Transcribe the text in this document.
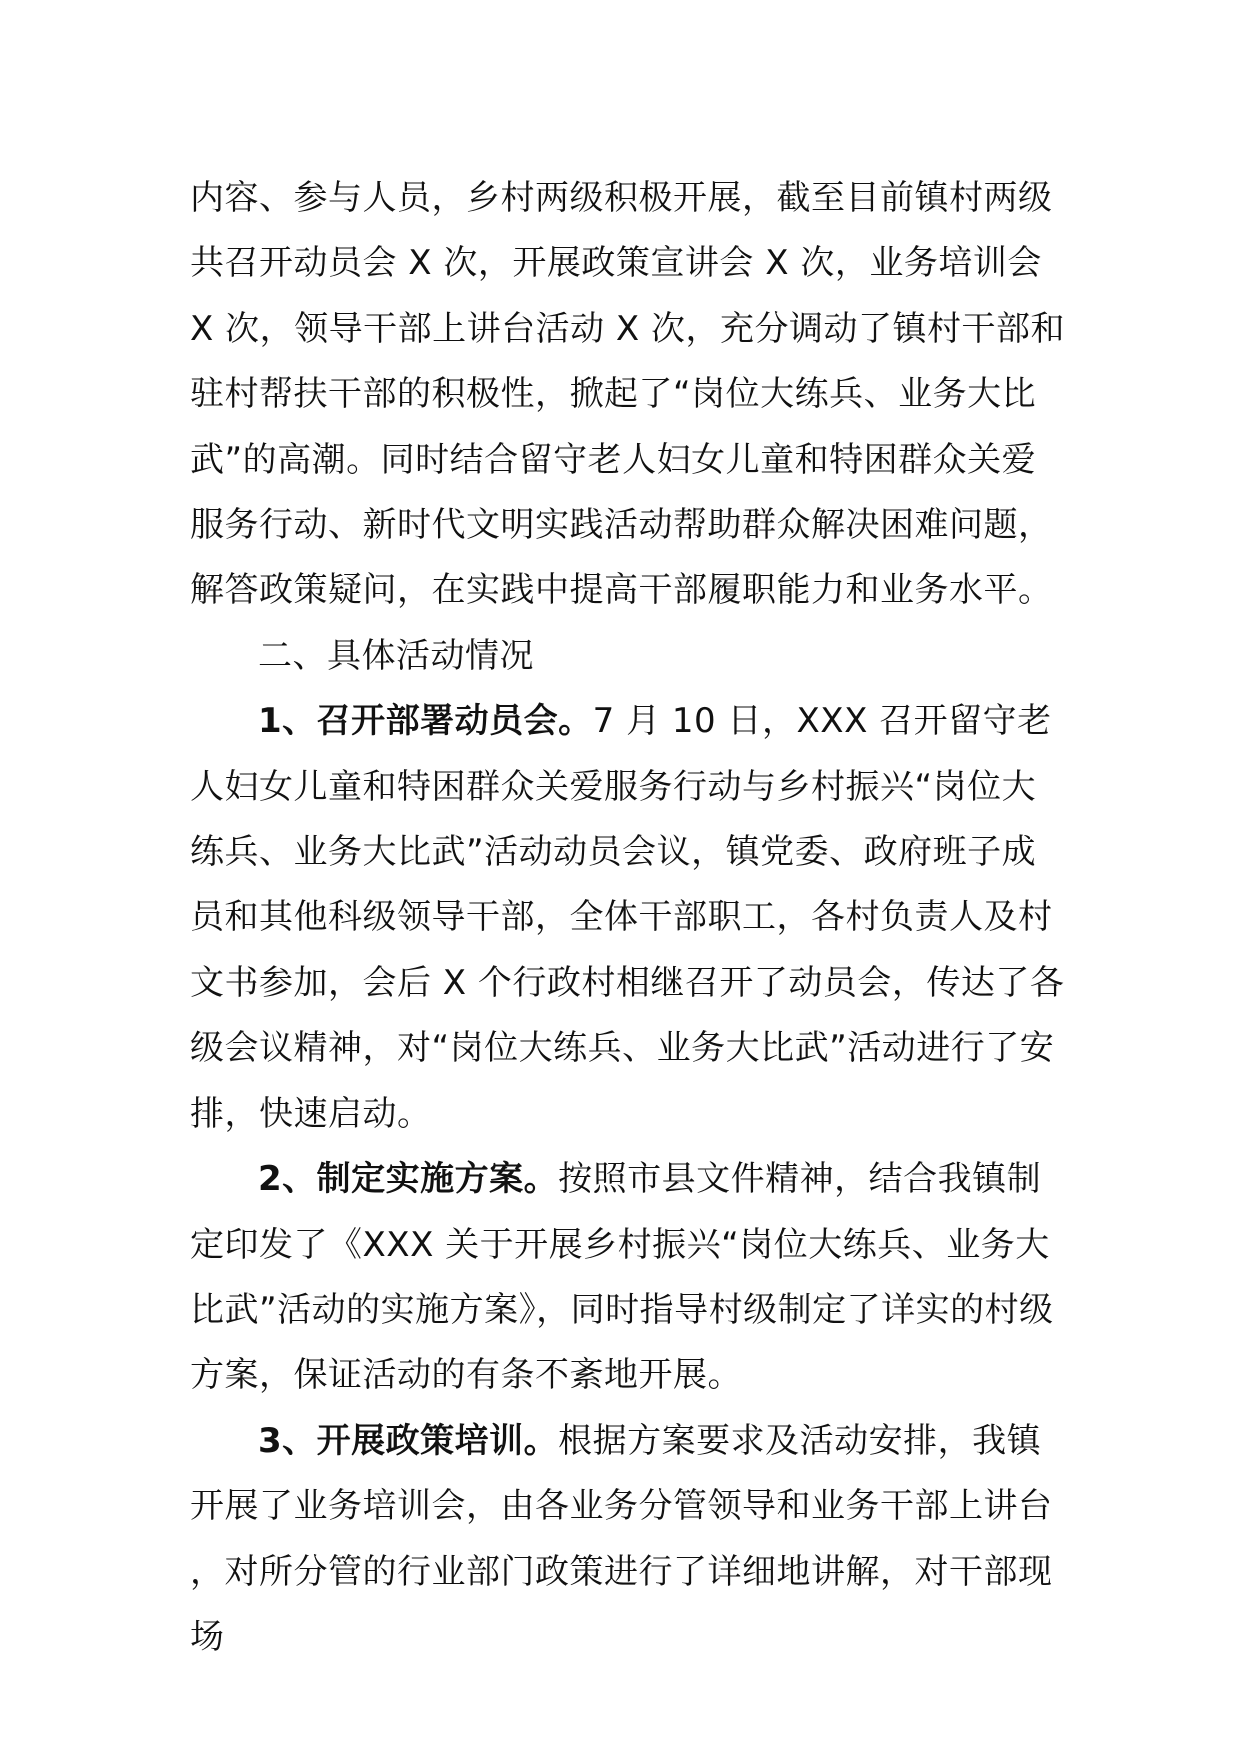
内容、参与人员，乡村两级积极开展，截至目前镇村两级共召开动员会 X 次，开展政策宣讲会 X 次，业务培训会 X 次，领导干部上讲台活动 X 次，充分调动了镇村干部和驻村帮扶干部的积极性，掀起了“岗位大练兵、业务大比武”的高潮。同时结合留守老人妇女儿童和特困群众关爱服务行动、新时代文明实践活动帮助群众解决困难问题，解答政策疑问，在实践中提高干部履职能力和业务水平。

二、具体活动情况

1、召开部署动员会。7 月 10 日，XXX 召开留守老人妇女儿童和特困群众关爱服务行动与乡村振兴“岗位大练兵、业务大比武”活动动员会议，镇党委、政府班子成员和其他科级领导干部，全体干部职工，各村负责人及村文书参加，会后 X 个行政村相继召开了动员会，传达了各级会议精神，对“岗位大练兵、业务大比武”活动进行了安排，快速启动。

2、制定实施方案。按照市县文件精神，结合我镇制定印发了《XXX 关于开展乡村振兴“岗位大练兵、业务大比武”活动的实施方案》，同时指导村级制定了详实的村级方案，保证活动的有条不紊地开展。

3、开展政策培训。根据方案要求及活动安排，我镇开展了业务培训会，由各业务分管领导和业务干部上讲台，对所分管的行业部门政策进行了详细地讲解，对干部现场
